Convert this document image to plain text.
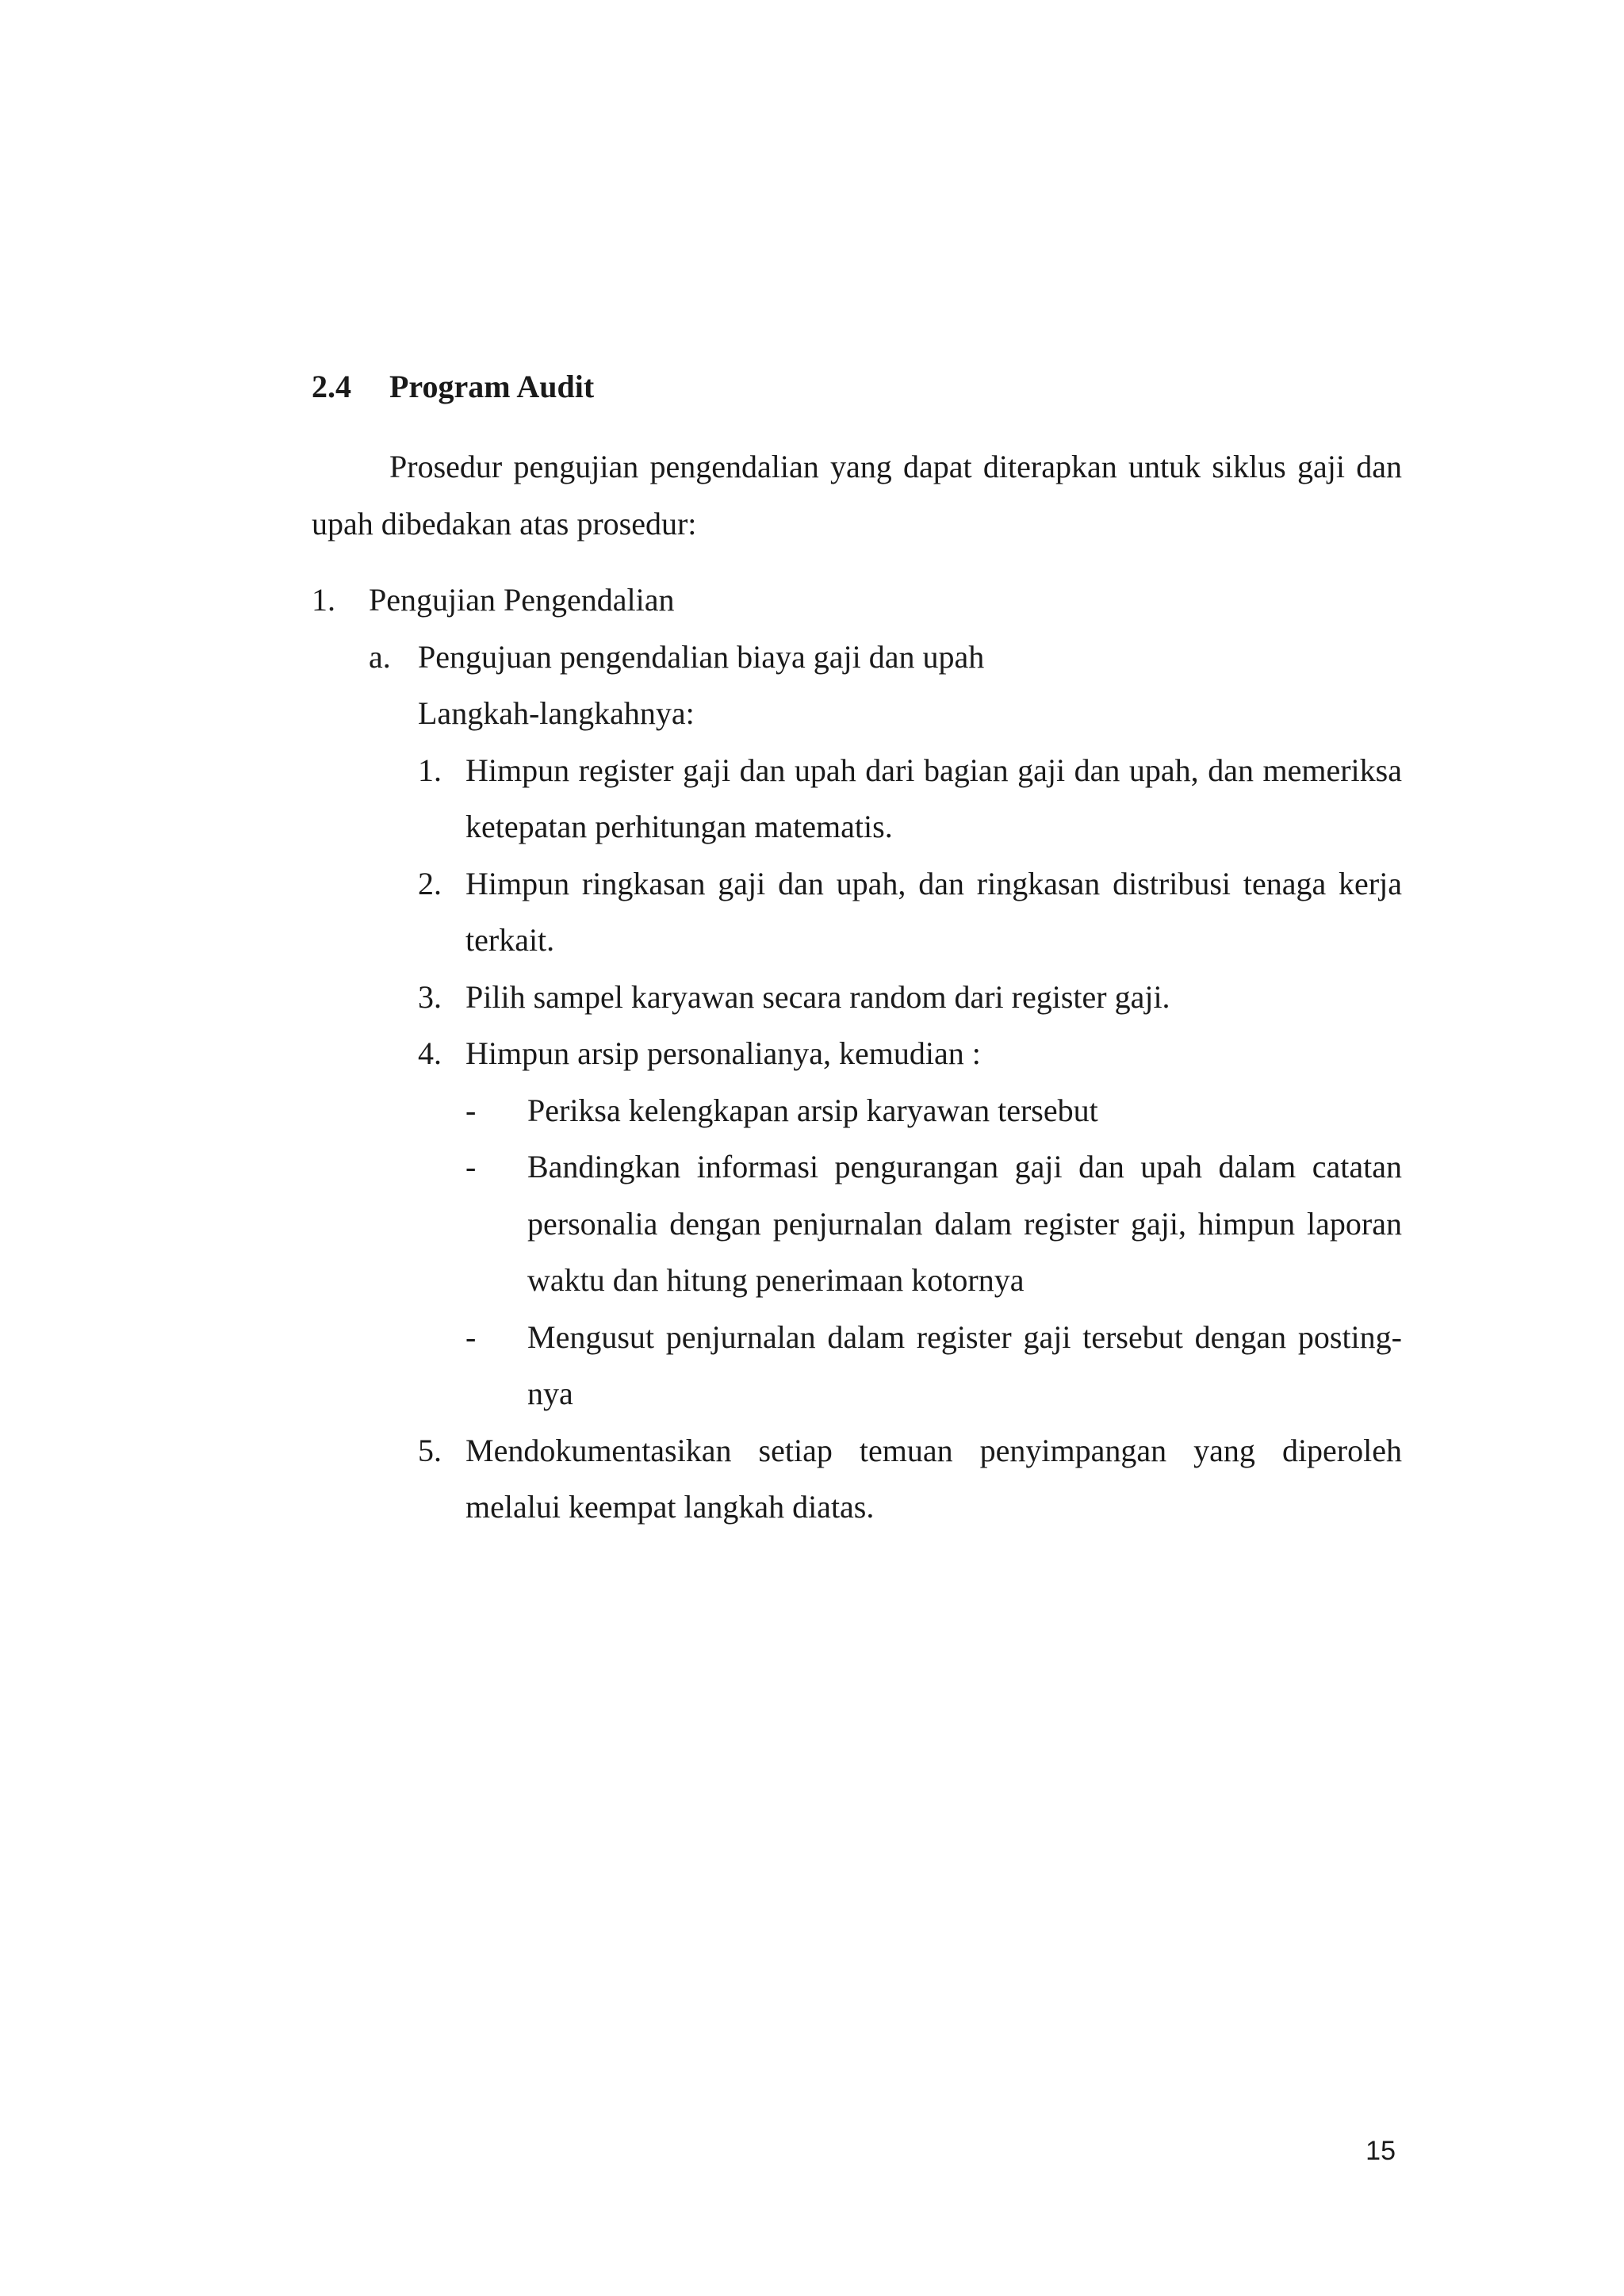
2.4 Program Audit

Prosedur pengujian pengendalian yang dapat diterapkan untuk siklus gaji dan upah dibedakan atas prosedur:

1.	Pengujian Pengendalian
a. Pengujuan pengendalian biaya gaji dan upah
Langkah-langkahnya:
1. Himpun register gaji dan upah dari bagian gaji dan upah, dan memeriksa ketepatan perhitungan matematis.
2. Himpun ringkasan gaji dan upah, dan ringkasan distribusi tenaga kerja terkait.
3. Pilih sampel karyawan secara random dari register gaji.
4. Himpun arsip personalianya, kemudian :
-	Periksa kelengkapan arsip karyawan tersebut
-	Bandingkan informasi pengurangan gaji dan upah dalam catatan personalia dengan penjurnalan dalam register gaji, himpun laporan waktu dan hitung penerimaan kotornya
-	Mengusut penjurnalan dalam register gaji tersebut dengan posting-nya
5. Mendokumentasikan setiap temuan penyimpangan yang diperoleh melalui keempat langkah diatas.
15
